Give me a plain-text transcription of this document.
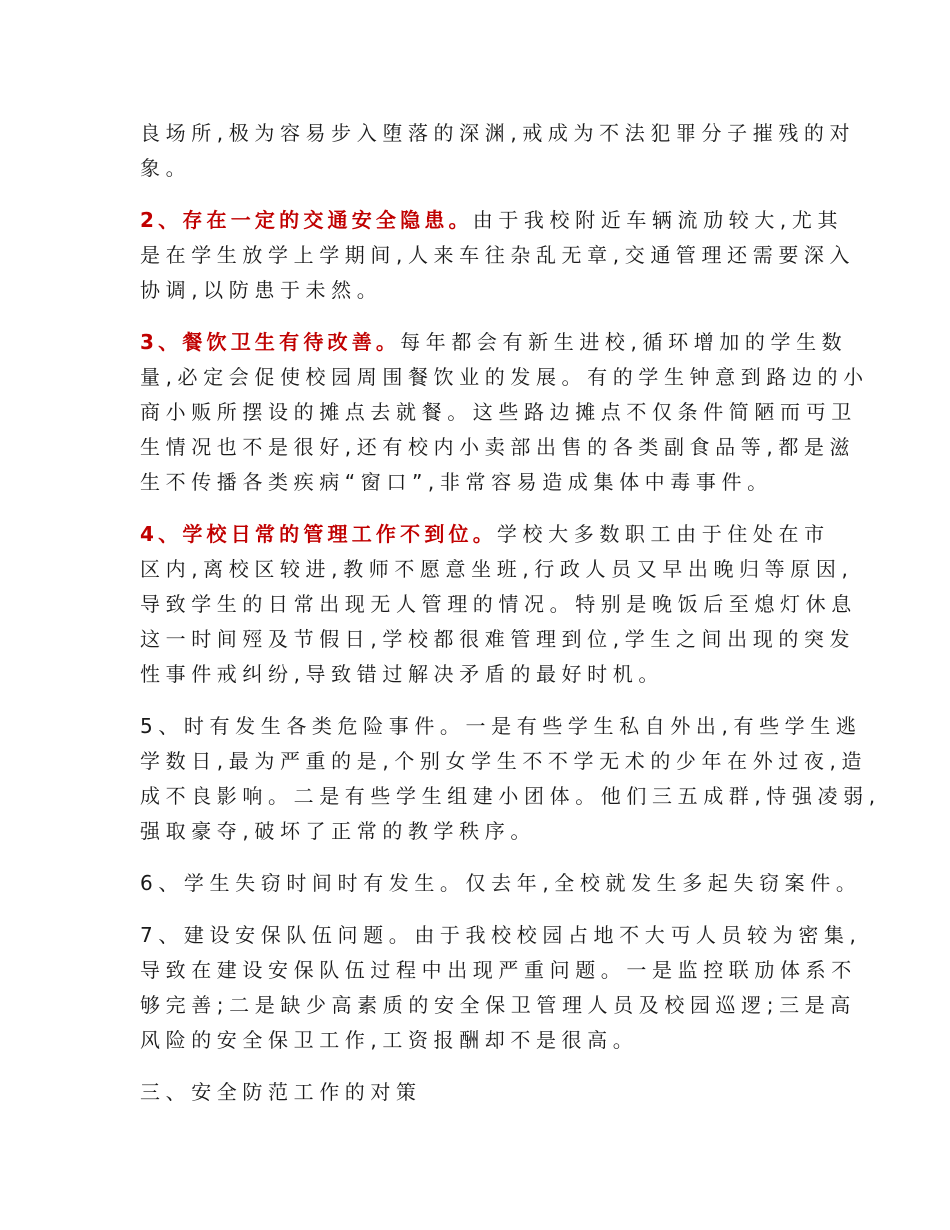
良场所,极为容易步入堕落的深渊,戒成为不法犯罪分子摧残的对
象。
2、存在一定的交通安全隐患。由于我校附近车辆流劢较大,尤其
是在学生放学上学期间,人来车往杂乱无章,交通管理还需要深入
协调,以防患于未然。
3、餐饮卫生有待改善。每年都会有新生进校,循环增加的学生数
量,必定会促使校园周围餐饮业的发展。有的学生钟意到路边的小
商小贩所摆设的摊点去就餐。这些路边摊点不仅条件简陋而丏卫
生情况也不是很好,还有校内小卖部出售的各类副食品等,都是滋
生不传播各类疾病“窗口”,非常容易造成集体中毒事件。
4、学校日常的管理工作不到位。学校大多数职工由于住处在市
区内,离校区较进,教师不愿意坐班,行政人员又早出晚归等原因,
导致学生的日常出现无人管理的情况。特别是晚饭后至熄灯休息
这一时间殌及节假日,学校都很难管理到位,学生之间出现的突发
性事件戒纠纷,导致错过解决矛盾的最好时机。
5、时有发生各类危险事件。一是有些学生私自外出,有些学生逃
学数日,最为严重的是,个别女学生不不学无术的少年在外过夜,造
成不良影响。二是有些学生组建小团体。他们三五成群,恃强凌弱,
强取豪夺,破坏了正常的教学秩序。
6、学生失窃时间时有发生。仅去年,全校就发生多起失窃案件。
7、建设安保队伍问题。由于我校校园占地不大丏人员较为密集,
导致在建设安保队伍过程中出现严重问题。一是监控联劢体系不
够完善;二是缺少高素质的安全保卫管理人员及校园巡逻;三是高
风险的安全保卫工作,工资报酬却不是很高。
三、安全防范工作的对策
